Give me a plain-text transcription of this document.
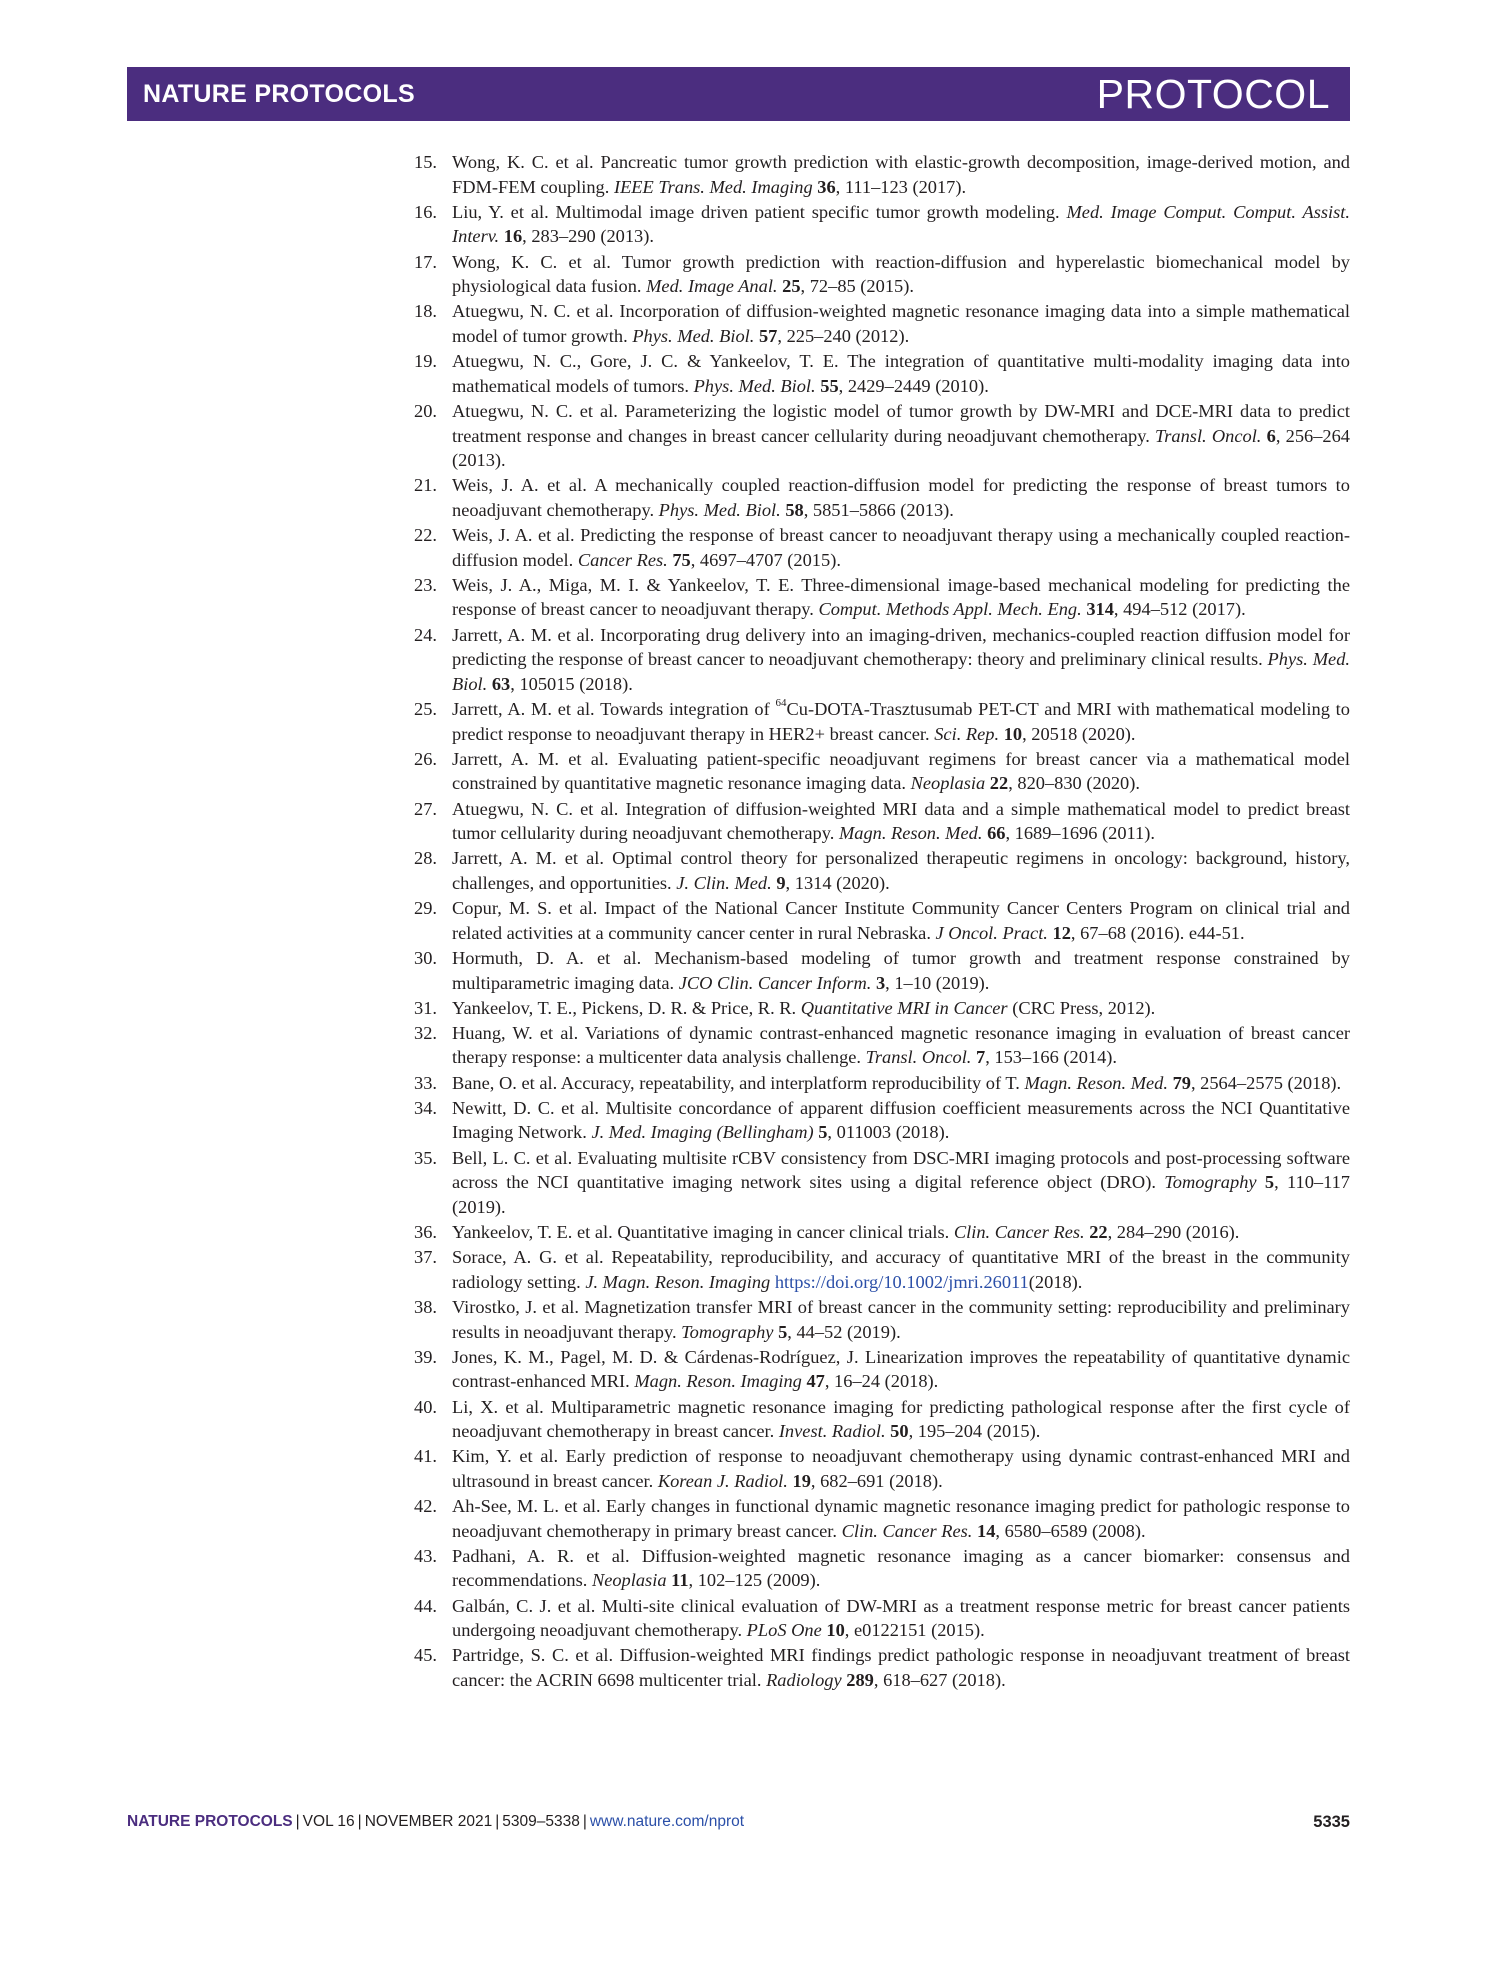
NATURE PROTOCOLS	PROTOCOL
15. Wong, K. C. et al. Pancreatic tumor growth prediction with elastic-growth decomposition, image-derived motion, and FDM-FEM coupling. IEEE Trans. Med. Imaging 36, 111–123 (2017).
16. Liu, Y. et al. Multimodal image driven patient specific tumor growth modeling. Med. Image Comput. Comput. Assist. Interv. 16, 283–290 (2013).
17. Wong, K. C. et al. Tumor growth prediction with reaction-diffusion and hyperelastic biomechanical model by physiological data fusion. Med. Image Anal. 25, 72–85 (2015).
18. Atuegwu, N. C. et al. Incorporation of diffusion-weighted magnetic resonance imaging data into a simple mathematical model of tumor growth. Phys. Med. Biol. 57, 225–240 (2012).
19. Atuegwu, N. C., Gore, J. C. & Yankeelov, T. E. The integration of quantitative multi-modality imaging data into mathematical models of tumors. Phys. Med. Biol. 55, 2429–2449 (2010).
20. Atuegwu, N. C. et al. Parameterizing the logistic model of tumor growth by DW-MRI and DCE-MRI data to predict treatment response and changes in breast cancer cellularity during neoadjuvant chemotherapy. Transl. Oncol. 6, 256–264 (2013).
21. Weis, J. A. et al. A mechanically coupled reaction-diffusion model for predicting the response of breast tumors to neoadjuvant chemotherapy. Phys. Med. Biol. 58, 5851–5866 (2013).
22. Weis, J. A. et al. Predicting the response of breast cancer to neoadjuvant therapy using a mechanically coupled reaction-diffusion model. Cancer Res. 75, 4697–4707 (2015).
23. Weis, J. A., Miga, M. I. & Yankeelov, T. E. Three-dimensional image-based mechanical modeling for predicting the response of breast cancer to neoadjuvant therapy. Comput. Methods Appl. Mech. Eng. 314, 494–512 (2017).
24. Jarrett, A. M. et al. Incorporating drug delivery into an imaging-driven, mechanics-coupled reaction diffusion model for predicting the response of breast cancer to neoadjuvant chemotherapy: theory and preliminary clinical results. Phys. Med. Biol. 63, 105015 (2018).
25. Jarrett, A. M. et al. Towards integration of $^{64}$Cu-DOTA-Trasztusumab PET-CT and MRI with mathematical modeling to predict response to neoadjuvant therapy in HER2+ breast cancer. Sci. Rep. 10, 20518 (2020).
26. Jarrett, A. M. et al. Evaluating patient-specific neoadjuvant regimens for breast cancer via a mathematical model constrained by quantitative magnetic resonance imaging data. Neoplasia 22, 820–830 (2020).
27. Atuegwu, N. C. et al. Integration of diffusion-weighted MRI data and a simple mathematical model to predict breast tumor cellularity during neoadjuvant chemotherapy. Magn. Reson. Med. 66, 1689–1696 (2011).
28. Jarrett, A. M. et al. Optimal control theory for personalized therapeutic regimens in oncology: background, history, challenges, and opportunities. J. Clin. Med. 9, 1314 (2020).
29. Copur, M. S. et al. Impact of the National Cancer Institute Community Cancer Centers Program on clinical trial and related activities at a community cancer center in rural Nebraska. J Oncol. Pract. 12, 67–68 (2016). e44-51.
30. Hormuth, D. A. et al. Mechanism-based modeling of tumor growth and treatment response constrained by multiparametric imaging data. JCO Clin. Cancer Inform. 3, 1–10 (2019).
31. Yankeelov, T. E., Pickens, D. R. & Price, R. R. Quantitative MRI in Cancer (CRC Press, 2012).
32. Huang, W. et al. Variations of dynamic contrast-enhanced magnetic resonance imaging in evaluation of breast cancer therapy response: a multicenter data analysis challenge. Transl. Oncol. 7, 153–166 (2014).
33. Bane, O. et al. Accuracy, repeatability, and interplatform reproducibility of T. Magn. Reson. Med. 79, 2564–2575 (2018).
34. Newitt, D. C. et al. Multisite concordance of apparent diffusion coefficient measurements across the NCI Quantitative Imaging Network. J. Med. Imaging (Bellingham) 5, 011003 (2018).
35. Bell, L. C. et al. Evaluating multisite rCBV consistency from DSC-MRI imaging protocols and post-processing software across the NCI quantitative imaging network sites using a digital reference object (DRO). Tomography 5, 110–117 (2019).
36. Yankeelov, T. E. et al. Quantitative imaging in cancer clinical trials. Clin. Cancer Res. 22, 284–290 (2016).
37. Sorace, A. G. et al. Repeatability, reproducibility, and accuracy of quantitative MRI of the breast in the community radiology setting. J. Magn. Reson. Imaging https://doi.org/10.1002/jmri.26011(2018).
38. Virostko, J. et al. Magnetization transfer MRI of breast cancer in the community setting: reproducibility and preliminary results in neoadjuvant therapy. Tomography 5, 44–52 (2019).
39. Jones, K. M., Pagel, M. D. & Cárdenas-Rodríguez, J. Linearization improves the repeatability of quantitative dynamic contrast-enhanced MRI. Magn. Reson. Imaging 47, 16–24 (2018).
40. Li, X. et al. Multiparametric magnetic resonance imaging for predicting pathological response after the first cycle of neoadjuvant chemotherapy in breast cancer. Invest. Radiol. 50, 195–204 (2015).
41. Kim, Y. et al. Early prediction of response to neoadjuvant chemotherapy using dynamic contrast-enhanced MRI and ultrasound in breast cancer. Korean J. Radiol. 19, 682–691 (2018).
42. Ah-See, M. L. et al. Early changes in functional dynamic magnetic resonance imaging predict for pathologic response to neoadjuvant chemotherapy in primary breast cancer. Clin. Cancer Res. 14, 6580–6589 (2008).
43. Padhani, A. R. et al. Diffusion-weighted magnetic resonance imaging as a cancer biomarker: consensus and recommendations. Neoplasia 11, 102–125 (2009).
44. Galbán, C. J. et al. Multi-site clinical evaluation of DW-MRI as a treatment response metric for breast cancer patients undergoing neoadjuvant chemotherapy. PLoS One 10, e0122151 (2015).
45. Partridge, S. C. et al. Diffusion-weighted MRI findings predict pathologic response in neoadjuvant treatment of breast cancer: the ACRIN 6698 multicenter trial. Radiology 289, 618–627 (2018).
NATURE PROTOCOLS | VOL 16 | NOVEMBER 2021 | 5309–5338 | www.nature.com/nprot	5335
